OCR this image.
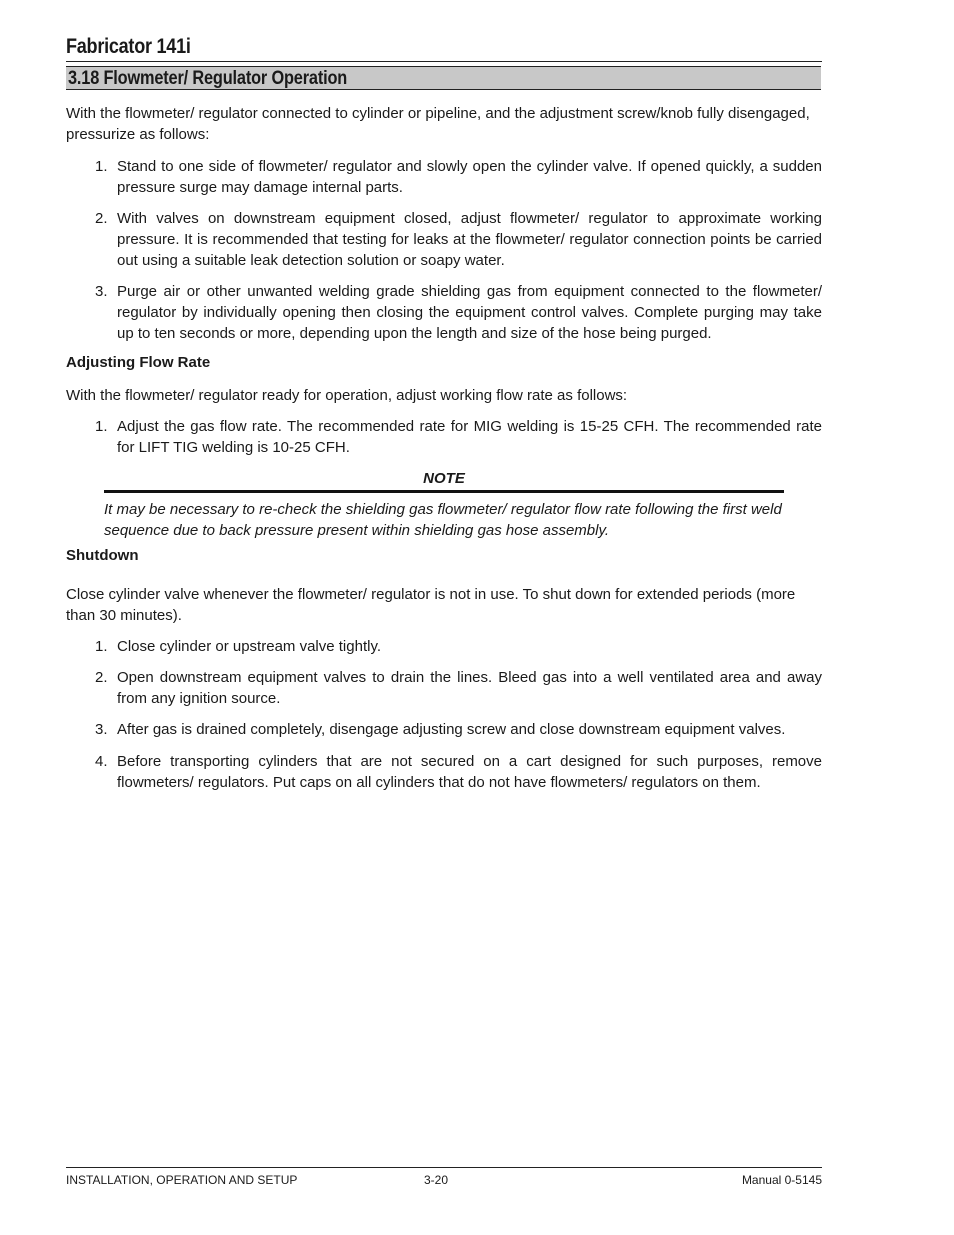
Fabricator 141i
3.18 Flowmeter/ Regulator Operation
With the flowmeter/ regulator connected to cylinder or pipeline, and the adjustment screw/knob fully disengaged, pressurize as follows:
1. Stand to one side of flowmeter/ regulator and slowly open the cylinder valve. If opened quickly, a sudden pressure surge may damage internal parts.
2. With valves on downstream equipment closed, adjust flowmeter/ regulator to approximate working pressure. It is recommended that testing for leaks at the flowmeter/ regulator connection points be carried out using a suitable leak detection solution or soapy water.
3. Purge air or other unwanted welding grade shielding gas from equipment connected to the flowmeter/ regulator by individually opening then closing the equipment control valves. Complete purging may take up to ten seconds or more, depending upon the length and size of the hose being purged.
Adjusting Flow Rate
With the flowmeter/ regulator ready for operation, adjust working flow rate as follows:
1. Adjust the gas flow rate. The recommended rate for MIG welding is 15-25 CFH. The recommended rate for LIFT TIG welding is 10-25 CFH.
NOTE
It may be necessary to re-check the shielding gas flowmeter/ regulator flow rate following the first weld sequence due to back pressure present within shielding gas hose assembly.
Shutdown
Close cylinder valve whenever the flowmeter/ regulator is not in use. To shut down for extended periods (more than 30 minutes).
1. Close cylinder or upstream valve tightly.
2. Open downstream equipment valves to drain the lines. Bleed gas into a well ventilated area and away from any ignition source.
3. After gas is drained completely, disengage adjusting screw and close downstream equipment valves.
4. Before transporting cylinders that are not secured on a cart designed for such purposes, remove flowmeters/ regulators. Put caps on all cylinders that do not have flowmeters/ regulators on them.
INSTALLATION, OPERATION AND SETUP	3-20	Manual 0-5145
